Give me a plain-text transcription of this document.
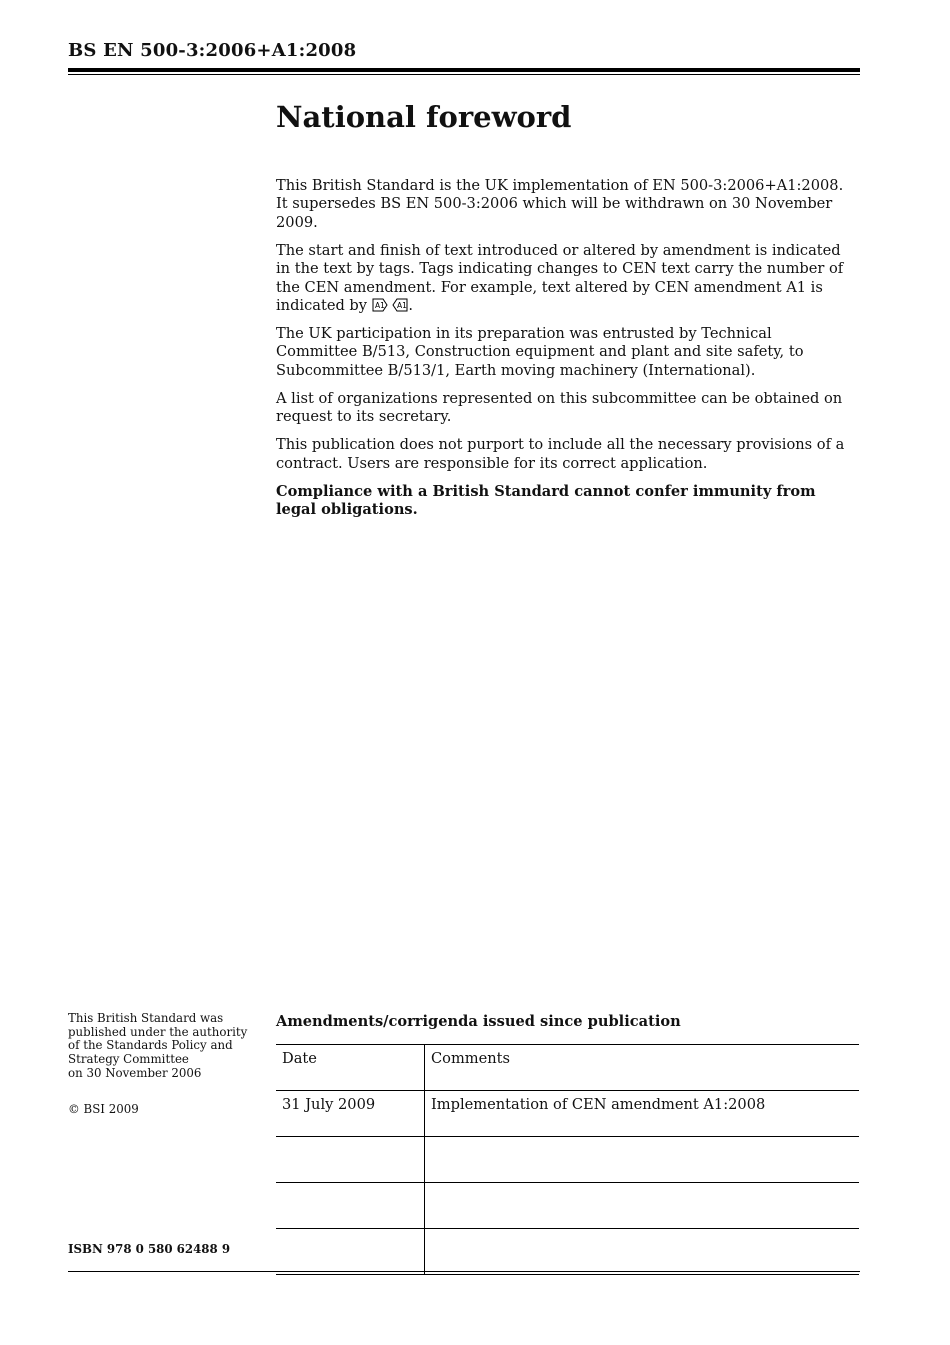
BS EN 500-3:2006+A1:2008
National foreword

This British Standard is the UK implementation of EN 500-3:2006+A1:2008. It supersedes BS EN 500-3:2006 which will be withdrawn on 30 November 2009.

The start and finish of text introduced or altered by amendment is indicated in the text by tags. Tags indicating changes to CEN text carry the number of the CEN amendment. For example, text altered by CEN amendment A1 is indicated by A1
A1 .

The UK participation in its preparation was entrusted by Technical Committee B/513, Construction equipment and plant and site safety, to Subcommittee B/513/1, Earth moving machinery (International).

A list of organizations represented on this subcommittee can be obtained on request to its secretary.

This publication does not purport to include all the necessary provisions of a contract. Users are responsible for its correct application.

Compliance with a British Standard cannot confer immunity from legal obligations.

This British Standard was
published under the authority
of the Standards Policy and
Strategy Committee
on 30 November 2006
© BSI 2009
ISBN 978 0 580 62488 9
Amendments/corrigenda issued since publication
Date	Comments
31 July 2009	Implementation of CEN amendment A1:2008
